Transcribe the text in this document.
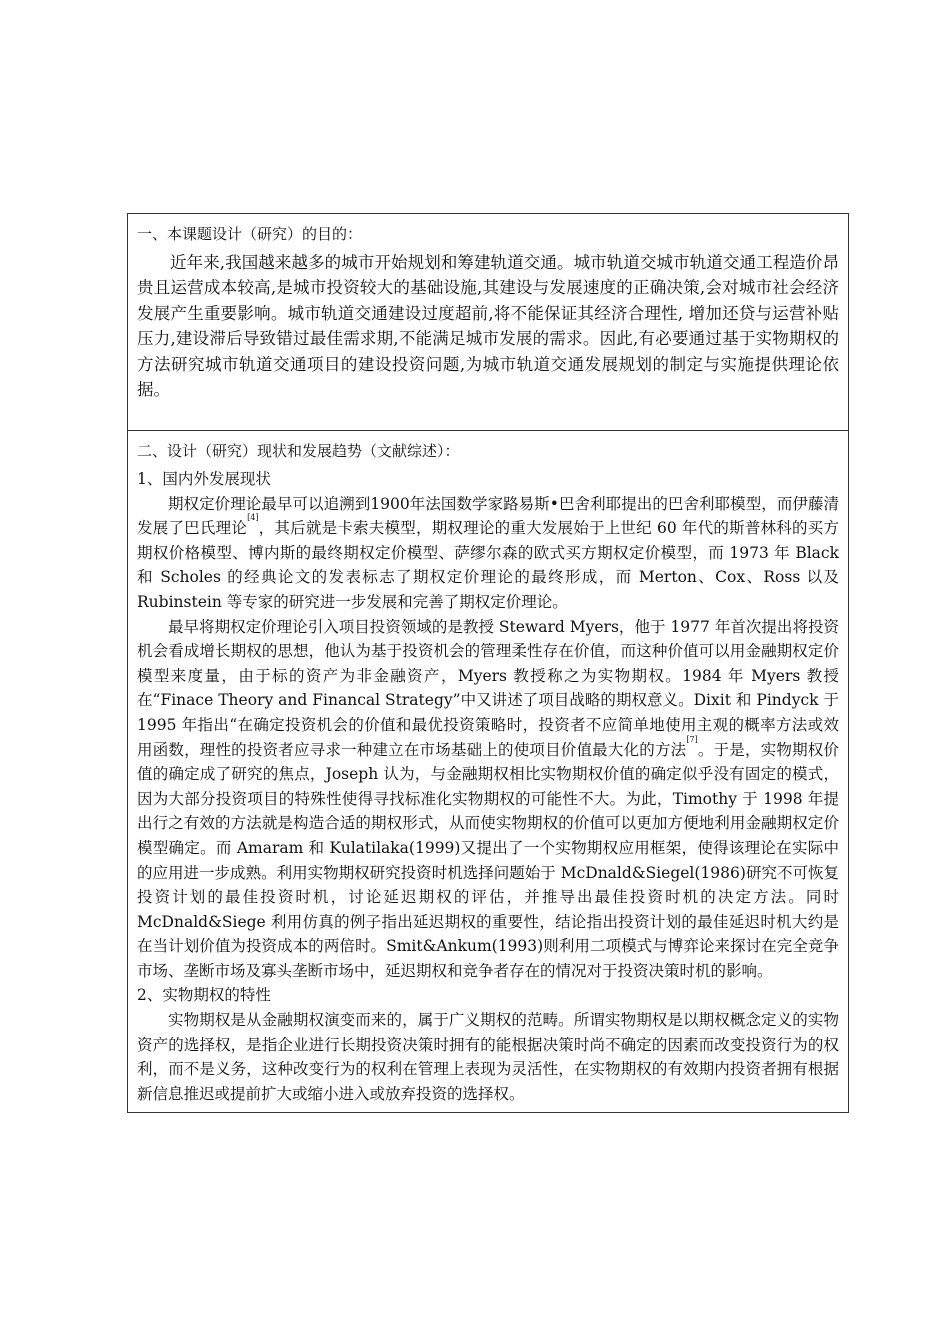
一、本课题设计（研究）的目的：

近年来,我国越来越多的城市开始规划和筹建轨道交通。城市轨道交城市轨道交通工程造价昂贵且运营成本较高,是城市投资较大的基础设施,其建设与发展速度的正确决策,会对城市社会经济发展产生重要影响。城市轨道交通建设过度超前,将不能保证其经济合理性, 增加还贷与运营补贴压力,建设滞后导致错过最佳需求期,不能满足城市发展的需求。因此,有必要通过基于实物期权的方法研究城市轨道交通项目的建设投资问题,为城市轨道交通发展规划的制定与实施提供理论依据。

二、设计（研究）现状和发展趋势（文献综述）：

1、国内外发展现状

期权定价理论最早可以追溯到1900年法国数学家路易斯•巴舍利耶提出的巴舍利耶模型，而伊藤清发展了巴氏理论[4]，其后就是卡索夫模型，期权理论的重大发展始于上世纪 60 年代的斯普林科的买方期权价格模型、博内斯的最终期权定价模型、萨缪尔森的欧式买方期权定价模型，而 1973 年 Black 和 Scholes 的经典论文的发表标志了期权定价理论的最终形成，而 Merton、Cox、Ross 以及 Rubinstein 等专家的研究进一步发展和完善了期权定价理论。

最早将期权定价理论引入项目投资领域的是教授 Steward Myers，他于 1977 年首次提出将投资机会看成增长期权的思想，他认为基于投资机会的管理柔性存在价值，而这种价值可以用金融期权定价模型来度量，由于标的资产为非金融资产，Myers 教授称之为实物期权。1984 年 Myers 教授在“Finace Theory and Financal Strategy”中又讲述了项目战略的期权意义。Dixit 和 Pindyck 于 1995 年指出“在确定投资机会的价值和最优投资策略时，投资者不应简单地使用主观的概率方法或效用函数，理性的投资者应寻求一种建立在市场基础上的使项目价值最大化的方法[7]。于是，实物期权价值的确定成了研究的焦点，Joseph 认为，与金融期权相比实物期权价值的确定似乎没有固定的模式，因为大部分投资项目的特殊性使得寻找标准化实物期权的可能性不大。为此，Timothy 于 1998 年提出行之有效的方法就是构造合适的期权形式，从而使实物期权的价值可以更加方便地利用金融期权定价模型确定。而 Amaram 和 Kulatilaka(1999)又提出了一个实物期权应用框架，使得该理论在实际中的应用进一步成熟。利用实物期权研究投资时机选择问题始于 McDnald&Siegel(1986)研究不可恢复投资计划的最佳投资时机，讨论延迟期权的评估，并推导出最佳投资时机的决定方法。同时 McDnald&Siege 利用仿真的例子指出延迟期权的重要性，结论指出投资计划的最佳延迟时机大约是在当计划价值为投资成本的两倍时。Smit&Ankum(1993)则利用二项模式与博弈论来探讨在完全竞争市场、垄断市场及寡头垄断市场中，延迟期权和竞争者存在的情况对于投资决策时机的影响。

2、实物期权的特性

实物期权是从金融期权演变而来的，属于广义期权的范畴。所谓实物期权是以期权概念定义的实物资产的选择权，是指企业进行长期投资决策时拥有的能根据决策时尚不确定的因素而改变投资行为的权利，而不是义务，这种改变行为的权利在管理上表现为灵活性，在实物期权的有效期内投资者拥有根据新信息推迟或提前扩大或缩小进入或放弃投资的选择权。
